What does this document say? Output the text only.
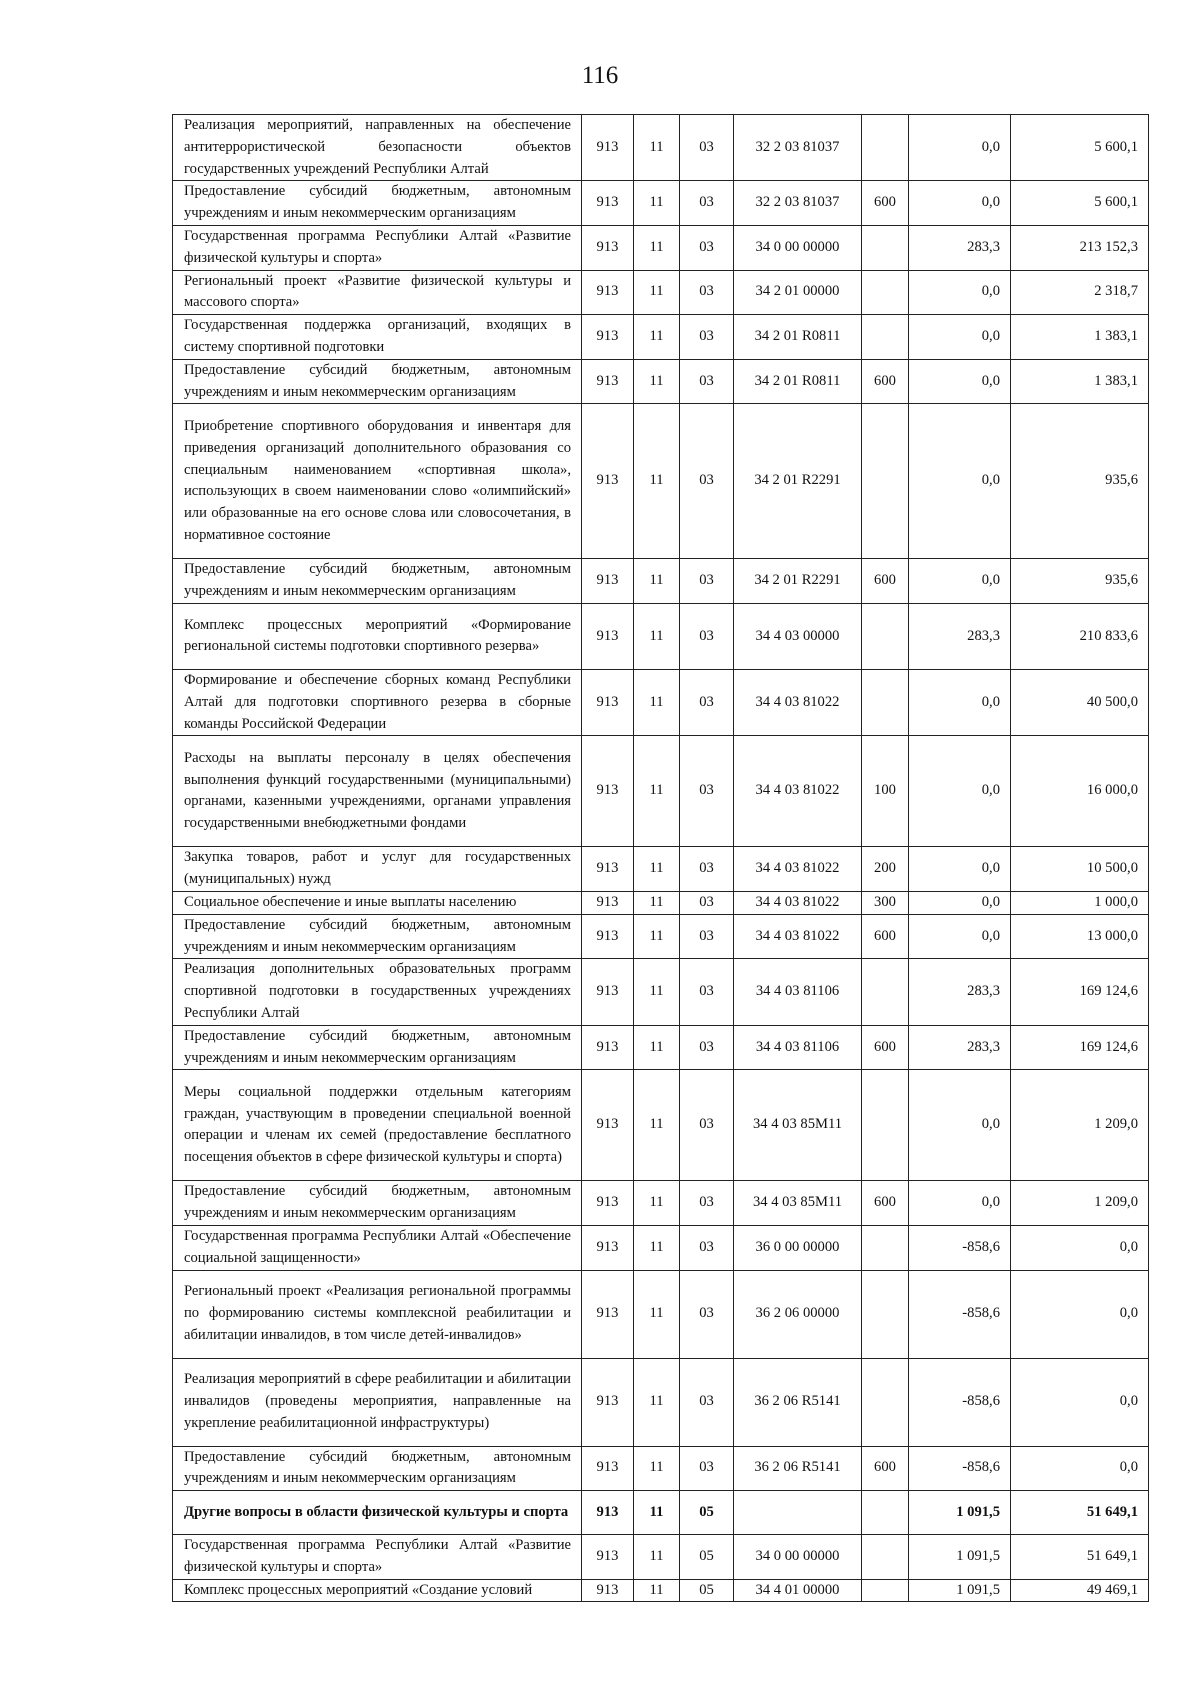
116
Реализация мероприятий, направленных на обеспечение антитеррористической безопасности объектов государственных учреждений Республики Алтай	913	11	03	32 2 03 81037		0,0	5 600,1
Предоставление субсидий бюджетным, автономным учреждениям и иным некоммерческим организациям	913	11	03	32 2 03 81037	600	0,0	5 600,1
Государственная программа Республики Алтай «Развитие физической культуры и спорта»	913	11	03	34 0 00 00000		283,3	213 152,3
Региональный проект «Развитие физической культуры и массового спорта»	913	11	03	34 2 01 00000		0,0	2 318,7
Государственная поддержка организаций, входящих в систему спортивной подготовки	913	11	03	34 2 01 R0811		0,0	1 383,1
Предоставление субсидий бюджетным, автономным учреждениям и иным некоммерческим организациям	913	11	03	34 2 01 R0811	600	0,0	1 383,1
Приобретение спортивного оборудования и инвентаря для приведения организаций дополнительного образования со специальным наименованием «спортивная школа», использующих в своем наименовании слово «олимпийский» или образованные на его основе слова или словосочетания, в нормативное состояние	913	11	03	34 2 01 R2291		0,0	935,6
Предоставление субсидий бюджетным, автономным учреждениям и иным некоммерческим организациям	913	11	03	34 2 01 R2291	600	0,0	935,6
Комплекс процессных мероприятий «Формирование региональной системы подготовки спортивного резерва»	913	11	03	34 4 03 00000		283,3	210 833,6
Формирование и обеспечение сборных команд Республики Алтай для подготовки спортивного резерва в сборные команды Российской Федерации	913	11	03	34 4 03 81022		0,0	40 500,0
Расходы на выплаты персоналу в целях обеспечения выполнения функций государственными (муниципальными) органами, казенными учреждениями, органами управления государственными внебюджетными фондами	913	11	03	34 4 03 81022	100	0,0	16 000,0
Закупка товаров, работ и услуг для государственных (муниципальных) нужд	913	11	03	34 4 03 81022	200	0,0	10 500,0
Социальное обеспечение и иные выплаты населению	913	11	03	34 4 03 81022	300	0,0	1 000,0
Предоставление субсидий бюджетным, автономным учреждениям и иным некоммерческим организациям	913	11	03	34 4 03 81022	600	0,0	13 000,0
Реализация дополнительных образовательных программ спортивной подготовки в государственных учреждениях Республики Алтай	913	11	03	34 4 03 81106		283,3	169 124,6
Предоставление субсидий бюджетным, автономным учреждениям и иным некоммерческим организациям	913	11	03	34 4 03 81106	600	283,3	169 124,6
Меры социальной поддержки отдельным категориям граждан, участвующим в проведении специальной военной операции и членам их семей (предоставление бесплатного посещения объектов в сфере физической культуры и спорта)	913	11	03	34 4 03 85M11		0,0	1 209,0
Предоставление субсидий бюджетным, автономным учреждениям и иным некоммерческим организациям	913	11	03	34 4 03 85M11	600	0,0	1 209,0
Государственная программа Республики Алтай «Обеспечение социальной защищенности»	913	11	03	36 0 00 00000		-858,6	0,0
Региональный проект «Реализация региональной программы по формированию системы комплексной реабилитации и абилитации инвалидов, в том числе детей-инвалидов»	913	11	03	36 2 06 00000		-858,6	0,0
Реализация мероприятий в сфере реабилитации и абилитации инвалидов (проведены мероприятия, направленные на укрепление реабилитационной инфраструктуры)	913	11	03	36 2 06 R5141		-858,6	0,0
Предоставление субсидий бюджетным, автономным учреждениям и иным некоммерческим организациям	913	11	03	36 2 06 R5141	600	-858,6	0,0
Другие вопросы в области физической культуры и спорта	913	11	05			1 091,5	51 649,1
Государственная программа Республики Алтай «Развитие физической культуры и спорта»	913	11	05	34 0 00 00000		1 091,5	51 649,1
Комплекс процессных мероприятий «Создание условий	913	11	05	34 4 01 00000		1 091,5	49 469,1
